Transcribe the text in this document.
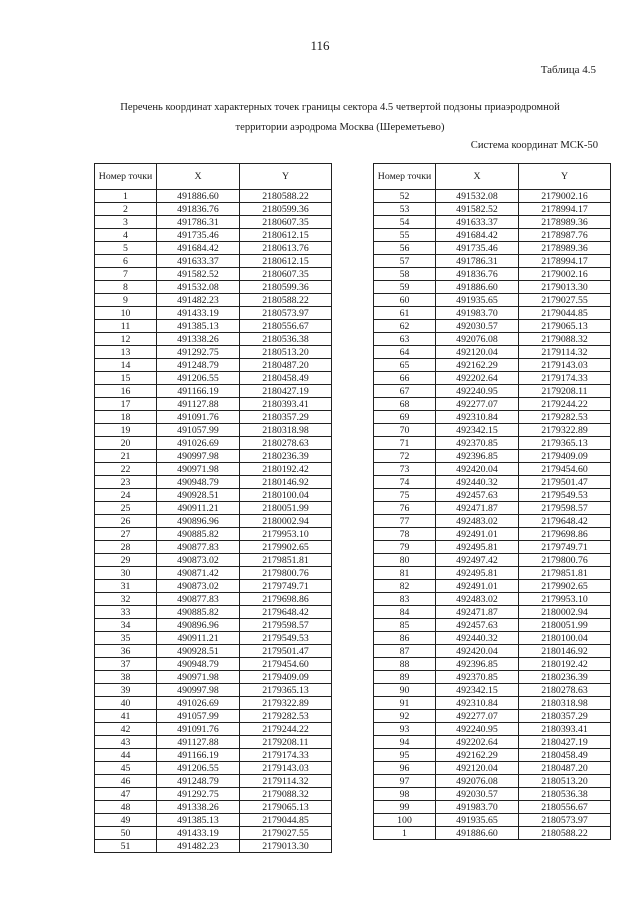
116
Таблица 4.5
Перечень координат характерных точек границы сектора 4.5 четвертой подзоны приаэродромной
территории аэродрома Москва (Шереметьево)
Система координат МСК-50
Номер точки	X	Y
1	491886.60	2180588.22
2	491836.76	2180599.36
3	491786.31	2180607.35
4	491735.46	2180612.15
5	491684.42	2180613.76
6	491633.37	2180612.15
7	491582.52	2180607.35
8	491532.08	2180599.36
9	491482.23	2180588.22
10	491433.19	2180573.97
11	491385.13	2180556.67
12	491338.26	2180536.38
13	491292.75	2180513.20
14	491248.79	2180487.20
15	491206.55	2180458.49
16	491166.19	2180427.19
17	491127.88	2180393.41
18	491091.76	2180357.29
19	491057.99	2180318.98
20	491026.69	2180278.63
21	490997.98	2180236.39
22	490971.98	2180192.42
23	490948.79	2180146.92
24	490928.51	2180100.04
25	490911.21	2180051.99
26	490896.96	2180002.94
27	490885.82	2179953.10
28	490877.83	2179902.65
29	490873.02	2179851.81
30	490871.42	2179800.76
31	490873.02	2179749.71
32	490877.83	2179698.86
33	490885.82	2179648.42
34	490896.96	2179598.57
35	490911.21	2179549.53
36	490928.51	2179501.47
37	490948.79	2179454.60
38	490971.98	2179409.09
39	490997.98	2179365.13
40	491026.69	2179322.89
41	491057.99	2179282.53
42	491091.76	2179244.22
43	491127.88	2179208.11
44	491166.19	2179174.33
45	491206.55	2179143.03
46	491248.79	2179114.32
47	491292.75	2179088.32
48	491338.26	2179065.13
49	491385.13	2179044.85
50	491433.19	2179027.55
51	491482.23	2179013.30
Номер точки	X	Y
52	491532.08	2179002.16
53	491582.52	2178994.17
54	491633.37	2178989.36
55	491684.42	2178987.76
56	491735.46	2178989.36
57	491786.31	2178994.17
58	491836.76	2179002.16
59	491886.60	2179013.30
60	491935.65	2179027.55
61	491983.70	2179044.85
62	492030.57	2179065.13
63	492076.08	2179088.32
64	492120.04	2179114.32
65	492162.29	2179143.03
66	492202.64	2179174.33
67	492240.95	2179208.11
68	492277.07	2179244.22
69	492310.84	2179282.53
70	492342.15	2179322.89
71	492370.85	2179365.13
72	492396.85	2179409.09
73	492420.04	2179454.60
74	492440.32	2179501.47
75	492457.63	2179549.53
76	492471.87	2179598.57
77	492483.02	2179648.42
78	492491.01	2179698.86
79	492495.81	2179749.71
80	492497.42	2179800.76
81	492495.81	2179851.81
82	492491.01	2179902.65
83	492483.02	2179953.10
84	492471.87	2180002.94
85	492457.63	2180051.99
86	492440.32	2180100.04
87	492420.04	2180146.92
88	492396.85	2180192.42
89	492370.85	2180236.39
90	492342.15	2180278.63
91	492310.84	2180318.98
92	492277.07	2180357.29
93	492240.95	2180393.41
94	492202.64	2180427.19
95	492162.29	2180458.49
96	492120.04	2180487.20
97	492076.08	2180513.20
98	492030.57	2180536.38
99	491983.70	2180556.67
100	491935.65	2180573.97
1	491886.60	2180588.22
